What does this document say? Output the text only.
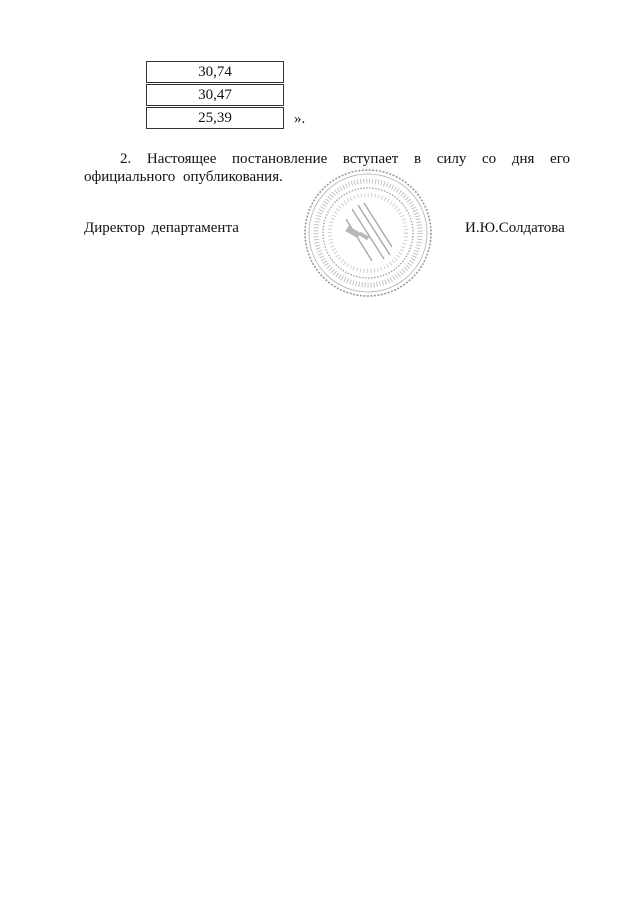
30,74
30,47
25,39	».
2. Настоящее постановление вступает в силу со дня его
официального опубликования.
Директор департамента	И.Ю.Солдатова
